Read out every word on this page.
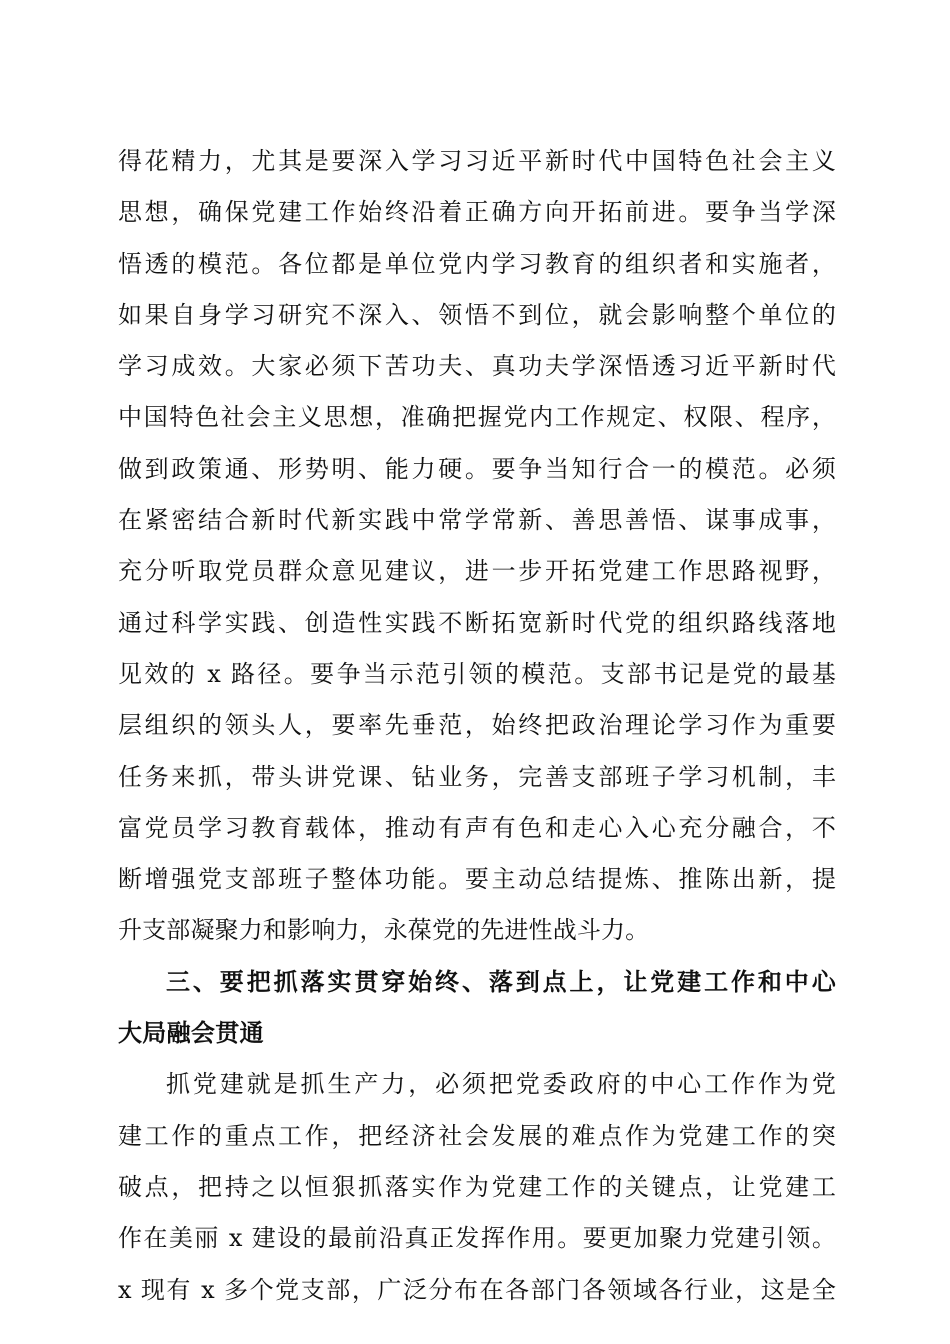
得花精力，尤其是要深入学习习近平新时代中国特色社会主义
思想，确保党建工作始终沿着正确方向开拓前进。要争当学深
悟透的模范。各位都是单位党内学习教育的组织者和实施者，
如果自身学习研究不深入、领悟不到位，就会影响整个单位的
学习成效。大家必须下苦功夫、真功夫学深悟透习近平新时代
中国特色社会主义思想，准确把握党内工作规定、权限、程序，
做到政策通、形势明、能力硬。要争当知行合一的模范。必须
在紧密结合新时代新实践中常学常新、善思善悟、谋事成事，
充分听取党员群众意见建议，进一步开拓党建工作思路视野，
通过科学实践、创造性实践不断拓宽新时代党的组织路线落地
见效的 x 路径。要争当示范引领的模范。支部书记是党的最基
层组织的领头人，要率先垂范，始终把政治理论学习作为重要
任务来抓，带头讲党课、钻业务，完善支部班子学习机制，丰
富党员学习教育载体，推动有声有色和走心入心充分融合，不
断增强党支部班子整体功能。要主动总结提炼、推陈出新，提
升支部凝聚力和影响力，永葆党的先进性战斗力。
三、要把抓落实贯穿始终、落到点上，让党建工作和中心
大局融会贯通
抓党建就是抓生产力，必须把党委政府的中心工作作为党
建工作的重点工作，把经济社会发展的难点作为党建工作的突
破点，把持之以恒狠抓落实作为党建工作的关键点，让党建工
作在美丽 x 建设的最前沿真正发挥作用。要更加聚力党建引领。
x 现有 x 多个党支部，广泛分布在各部门各领域各行业，这是全
